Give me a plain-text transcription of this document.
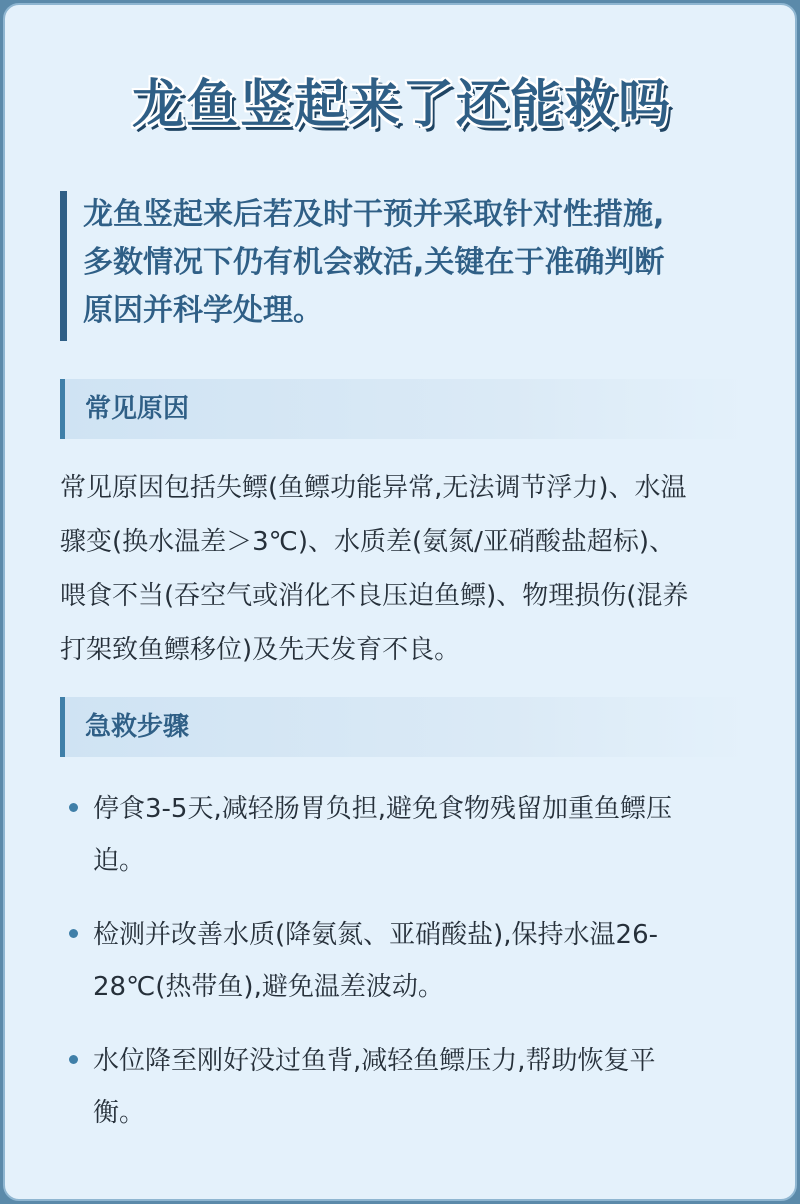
龙鱼竖起来了还能救吗
龙鱼竖起来后若及时干预并采取针对性措施,
多数情况下仍有机会救活,关键在于准确判断
原因并科学处理。
常见原因
常见原因包括失鳔(鱼鳔功能异常,无法调节浮力)、水温
骤变(换水温差＞3℃)、水质差(氨氮/亚硝酸盐超标)、
喂食不当(吞空气或消化不良压迫鱼鳔)、物理损伤(混养
打架致鱼鳔移位)及先天发育不良。
急救步骤
停食3-5天,减轻肠胃负担,避免食物残留加重鱼鳔压
迫。
检测并改善水质(降氨氮、亚硝酸盐),保持水温26-
28℃(热带鱼),避免温差波动。
水位降至刚好没过鱼背,减轻鱼鳔压力,帮助恢复平
衡。
